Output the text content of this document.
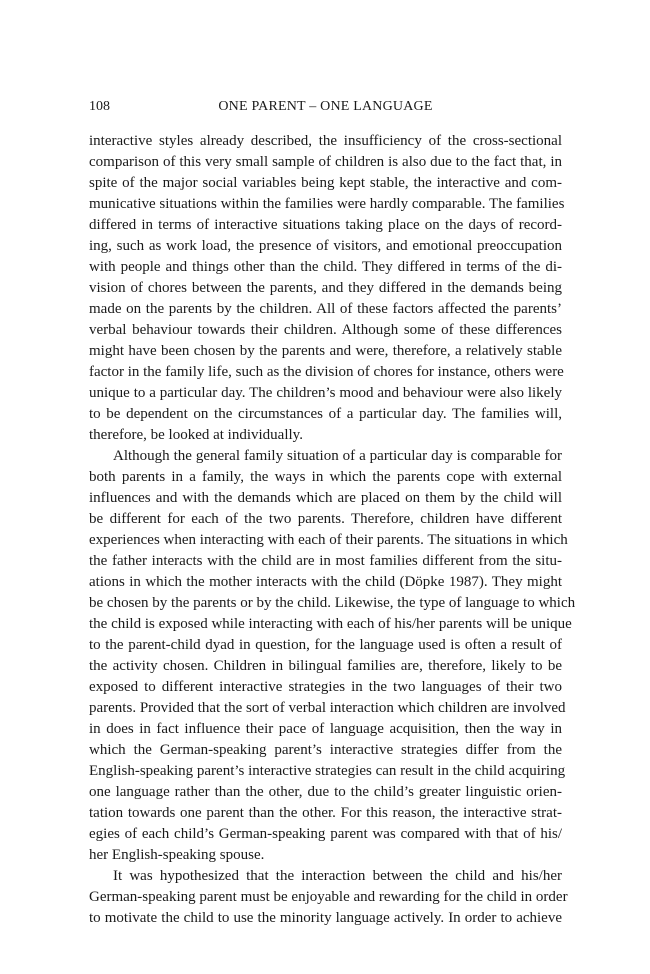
108	ONE PARENT – ONE LANGUAGE
interactive styles already described, the insufficiency of the cross-sectional
comparison of this very small sample of children is also due to the fact that, in
spite of the major social variables being kept stable, the interactive and com-
municative situations within the families were hardly comparable. The families
differed in terms of interactive situations taking place on the days of record-
ing, such as work load, the presence of visitors, and emotional preoccupation
with people and things other than the child. They differed in terms of the di-
vision of chores between the parents, and they differed in the demands being
made on the parents by the children. All of these factors affected the parents’
verbal behaviour towards their children. Although some of these differences
might have been chosen by the parents and were, therefore, a relatively stable
factor in the family life, such as the division of chores for instance, others were
unique to a particular day. The children’s mood and behaviour were also likely
to be dependent on the circumstances of a particular day. The families will,
therefore, be looked at individually.
Although the general family situation of a particular day is comparable for
both parents in a family, the ways in which the parents cope with external
influences and with the demands which are placed on them by the child will
be different for each of the two parents. Therefore, children have different
experiences when interacting with each of their parents. The situations in which
the father interacts with the child are in most families different from the situ-
ations in which the mother interacts with the child (Döpke 1987). They might
be chosen by the parents or by the child. Likewise, the type of language to which
the child is exposed while interacting with each of his/her parents will be unique
to the parent-child dyad in question, for the language used is often a result of
the activity chosen. Children in bilingual families are, therefore, likely to be
exposed to different interactive strategies in the two languages of their two
parents. Provided that the sort of verbal interaction which children are involved
in does in fact influence their pace of language acquisition, then the way in
which the German-speaking parent’s interactive strategies differ from the
English-speaking parent’s interactive strategies can result in the child acquiring
one language rather than the other, due to the child’s greater linguistic orien-
tation towards one parent than the other. For this reason, the interactive strat-
egies of each child’s German-speaking parent was compared with that of his/
her English-speaking spouse.
It was hypothesized that the interaction between the child and his/her
German-speaking parent must be enjoyable and rewarding for the child in order
to motivate the child to use the minority language actively. In order to achieve
